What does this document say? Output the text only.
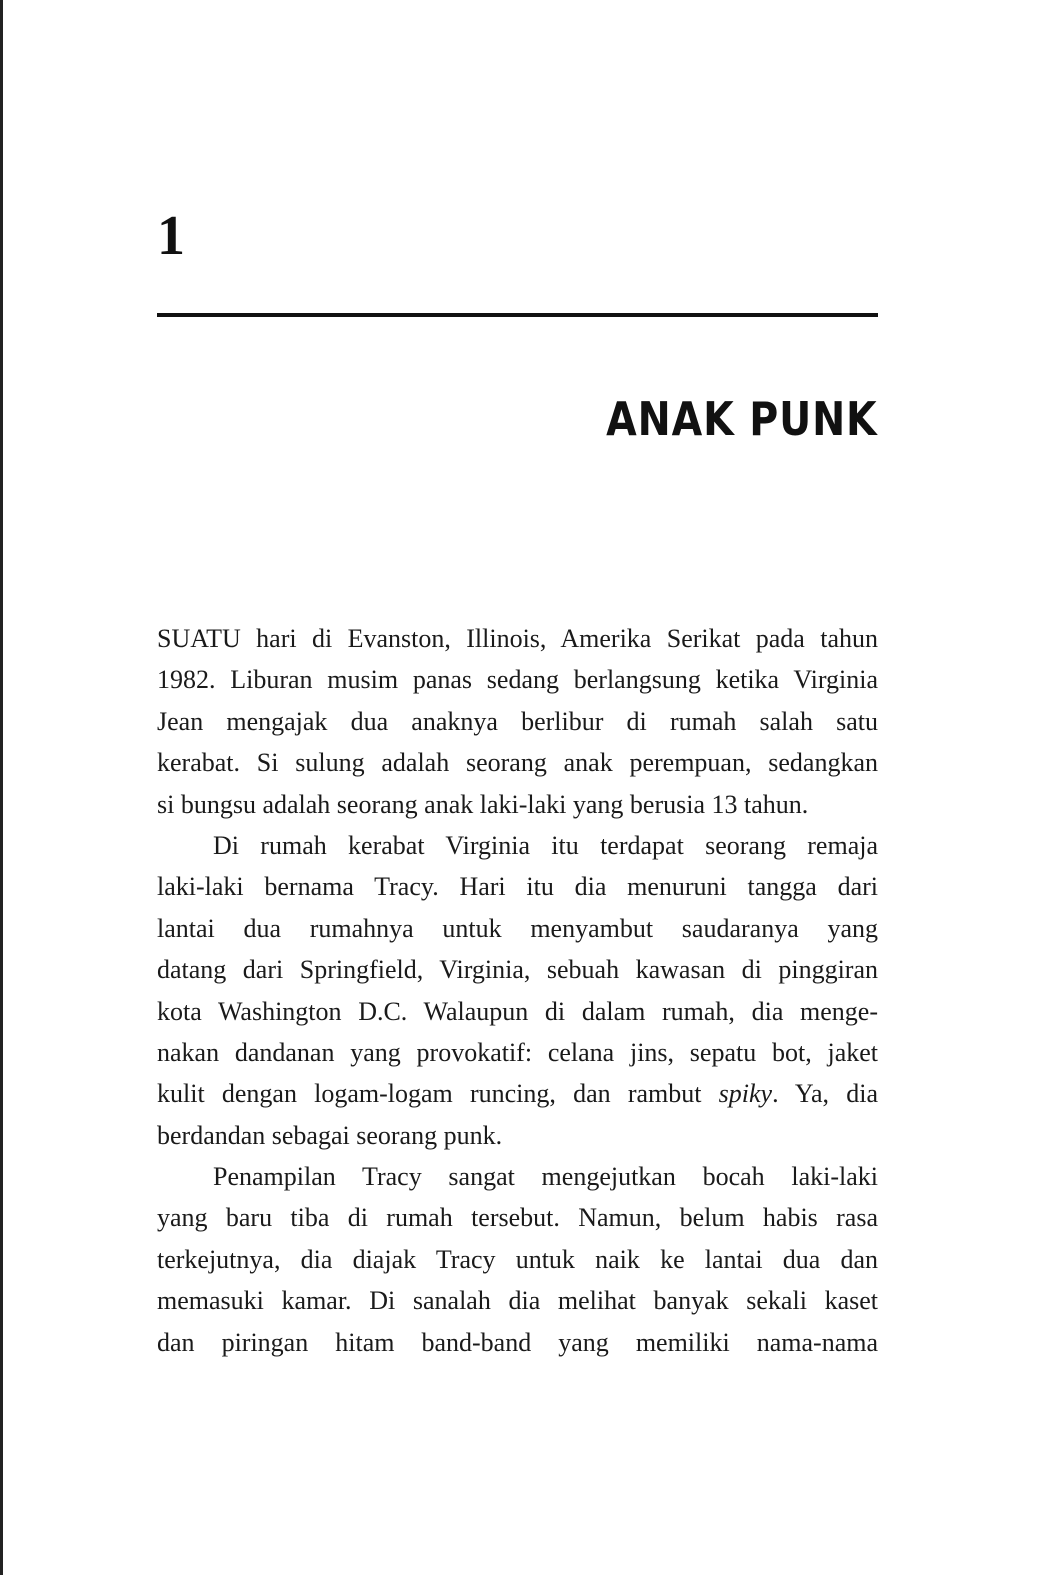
1
ANAK PUNK
SUATU hari di Evanston, Illinois, Amerika Serikat pada tahun
1982. Liburan musim panas sedang berlangsung ketika Virginia
Jean mengajak dua anaknya berlibur di rumah salah satu
kerabat. Si sulung adalah seorang anak perempuan, sedangkan
si bungsu adalah seorang anak laki-laki yang berusia 13 tahun.
Di rumah kerabat Virginia itu terdapat seorang remaja
laki-laki bernama Tracy. Hari itu dia menuruni tangga dari
lantai dua rumahnya untuk menyambut saudaranya yang
datang dari Springfield, Virginia, sebuah kawasan di pinggiran
kota Washington D.C. Walaupun di dalam rumah, dia menge-
nakan dandanan yang provokatif: celana jins, sepatu bot, jaket
kulit dengan logam-logam runcing, dan rambut spiky. Ya, dia
berdandan sebagai seorang punk.
Penampilan Tracy sangat mengejutkan bocah laki-laki
yang baru tiba di rumah tersebut. Namun, belum habis rasa
terkejutnya, dia diajak Tracy untuk naik ke lantai dua dan
memasuki kamar. Di sanalah dia melihat banyak sekali kaset
dan piringan hitam band-band yang memiliki nama-nama
